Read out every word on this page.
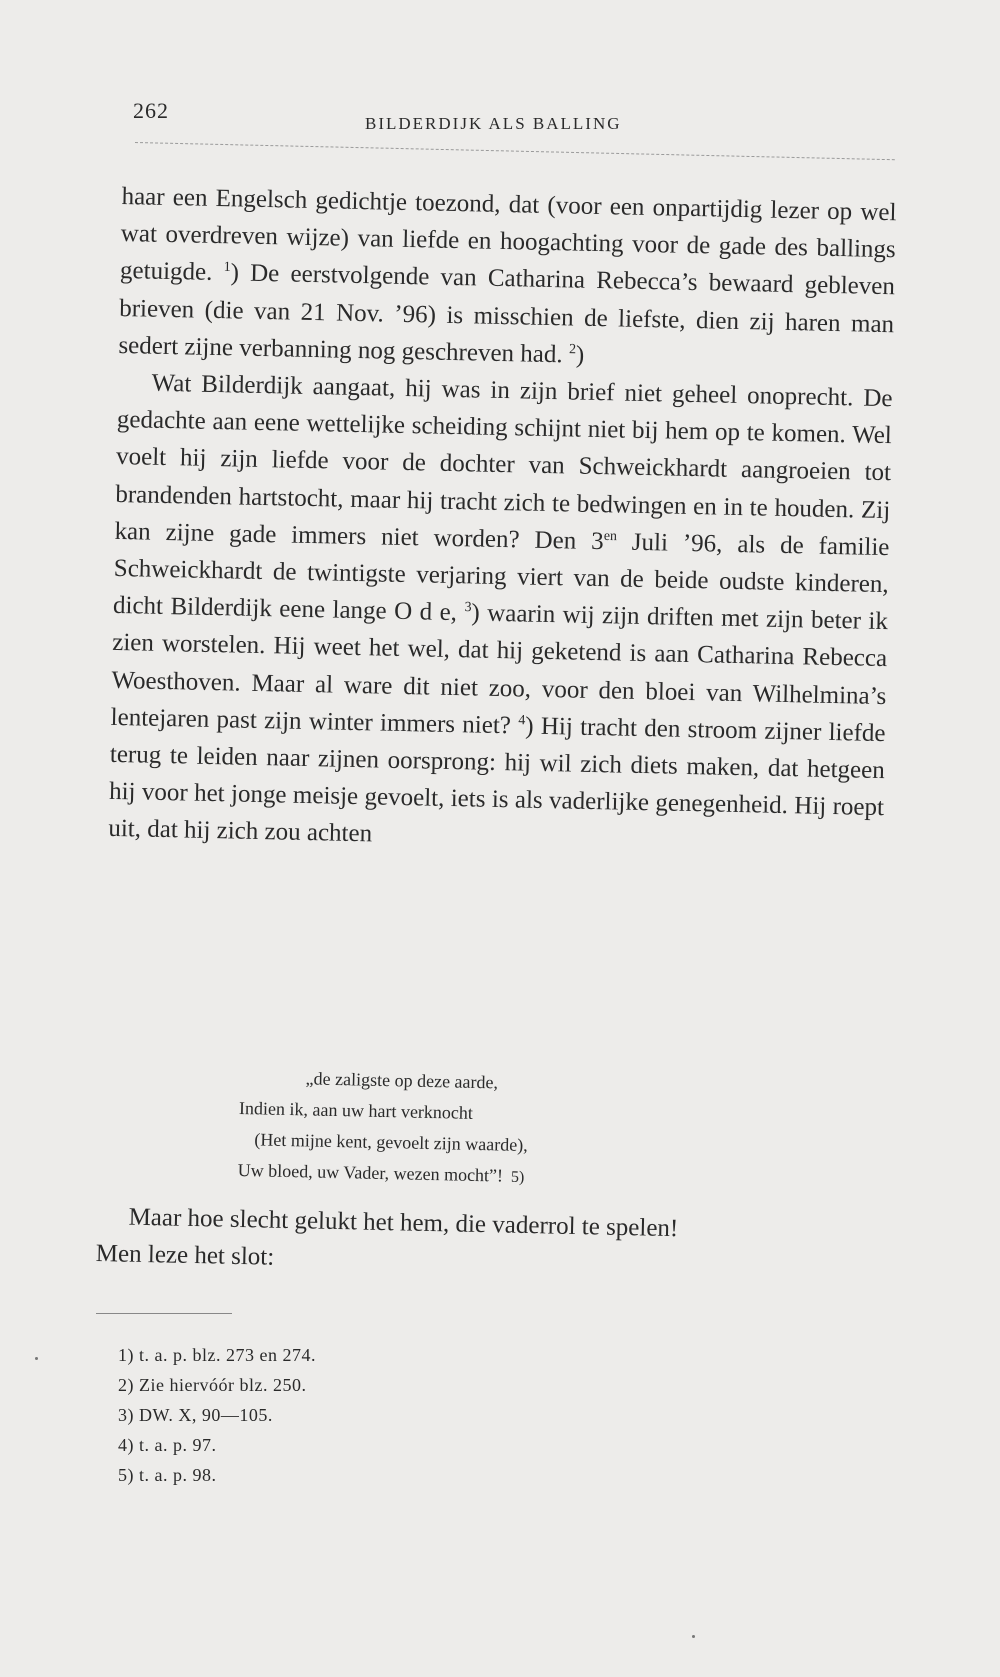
262
BILDERDIJK ALS BALLING

haar een Engelsch gedichtje toezond, dat (voor een onpartijdig lezer op wel wat overdreven wijze) van liefde en hoogachting voor de gade des ballings getuigde. $^1$) De eerstvolgende van Catharina Rebecca’s bewaard gebleven brieven (die van 21 Nov. ’96) is misschien de liefste, dien zij haren man sedert zijne verbanning nog geschreven had. $^2$)

Wat Bilderdijk aangaat, hij was in zijn brief niet geheel onoprecht. De gedachte aan eene wettelijke scheiding schijnt niet bij hem op te komen. Wel voelt hij zijn liefde voor de dochter van Schweickhardt aangroeien tot brandenden hartstocht, maar hij tracht zich te bedwingen en in te houden. Zij kan zijne gade immers niet worden? Den $3^{en}$ Juli ’96, als de familie Schweickhardt de twintigste verjaring viert van de beide oudste kinderen, dicht Bilderdijk eene lange O d e, $^3$) waarin wij zijn driften met zijn beter ik zien worstelen. Hij weet het wel, dat hij geketend is aan Catharina Rebecca Woesthoven. Maar al ware dit niet zoo, voor den bloei van Wilhelmina’s lentejaren past zijn winter immers niet? $^4$) Hij tracht den stroom zijner liefde terug te leiden naar zijnen oorsprong: hij wil zich diets maken, dat hetgeen hij voor het jonge meisje gevoelt, iets is als vaderlijke genegenheid. Hij roept uit, dat hij zich zou achten

„de zaligste op deze aarde,
Indien ik, aan uw hart verknocht
(Het mijne kent, gevoelt zijn waarde),
Uw bloed, uw Vader, wezen mocht”! 5)

Maar hoe slecht gelukt het hem, die vaderrol te spelen!

Men leze het slot:

1) t. a. p. blz. 273 en 274.
2) Zie hiervóór blz. 250.
3) DW. X, 90—105.
4) t. a. p. 97.
5) t. a. p. 98.
